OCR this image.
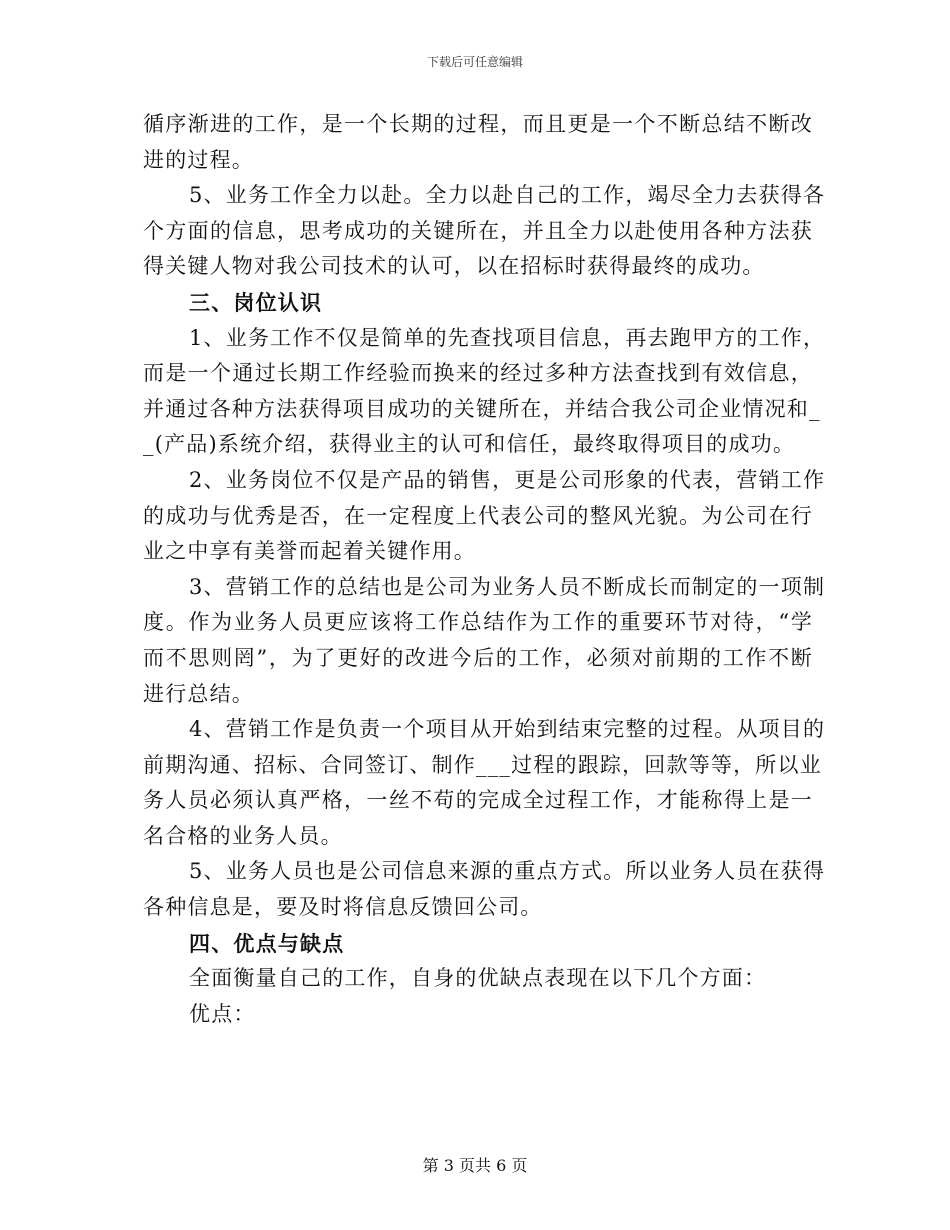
下载后可任意编辑
循序渐进的工作，是一个长期的过程，而且更是一个不断总结不断改
进的过程。
5、业务工作全力以赴。全力以赴自己的工作，竭尽全力去获得各
个方面的信息，思考成功的关键所在，并且全力以赴使用各种方法获
得关键人物对我公司技术的认可，以在招标时获得最终的成功。
三、岗位认识
1、业务工作不仅是简单的先查找项目信息，再去跑甲方的工作，
而是一个通过长期工作经验而换来的经过多种方法查找到有效信息，
并通过各种方法获得项目成功的关键所在，并结合我公司企业情况和_
_(产品)系统介绍，获得业主的认可和信任，最终取得项目的成功。
2、业务岗位不仅是产品的销售，更是公司形象的代表，营销工作
的成功与优秀是否，在一定程度上代表公司的整风光貌。为公司在行
业之中享有美誉而起着关键作用。
3、营销工作的总结也是公司为业务人员不断成长而制定的一项制
度。作为业务人员更应该将工作总结作为工作的重要环节对待，“学
而不思则罔”，为了更好的改进今后的工作，必须对前期的工作不断
进行总结。
4、营销工作是负责一个项目从开始到结束完整的过程。从项目的
前期沟通、招标、合同签订、制作___过程的跟踪，回款等等，所以业
务人员必须认真严格，一丝不苟的完成全过程工作，才能称得上是一
名合格的业务人员。
5、业务人员也是公司信息来源的重点方式。所以业务人员在获得
各种信息是，要及时将信息反馈回公司。
四、优点与缺点
全面衡量自己的工作，自身的优缺点表现在以下几个方面：
优点：
第 3 页共 6 页
